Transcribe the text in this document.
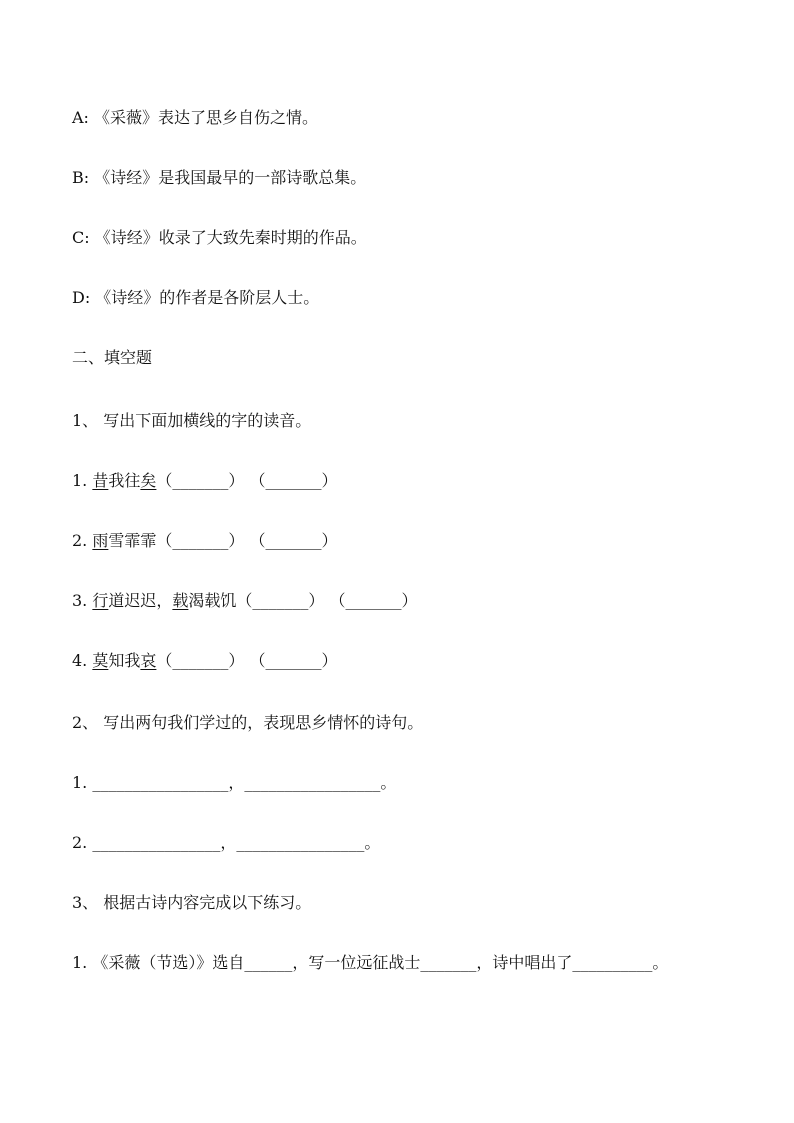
A: 《采薇》表达了思乡自伤之情。
B: 《诗经》是我国最早的一部诗歌总集。
C: 《诗经》收录了大致先秦时期的作品。
D: 《诗经》的作者是各阶层人士。
二、填空题
1、 写出下面加横线的字的读音。
1. 昔我往矣（_______） （_______）
2. 雨雪霏霏（_______） （_______）
3. 行道迟迟，载渴载饥（_______） （_______）
4. 莫知我哀（_______） （_______）
2、 写出两句我们学过的，表现思乡情怀的诗句。
1. _________________，_________________。
2. ________________，________________。
3、 根据古诗内容完成以下练习。
1. 《采薇（节选）》选自______，写一位远征战士_______，诗中唱出了__________。
